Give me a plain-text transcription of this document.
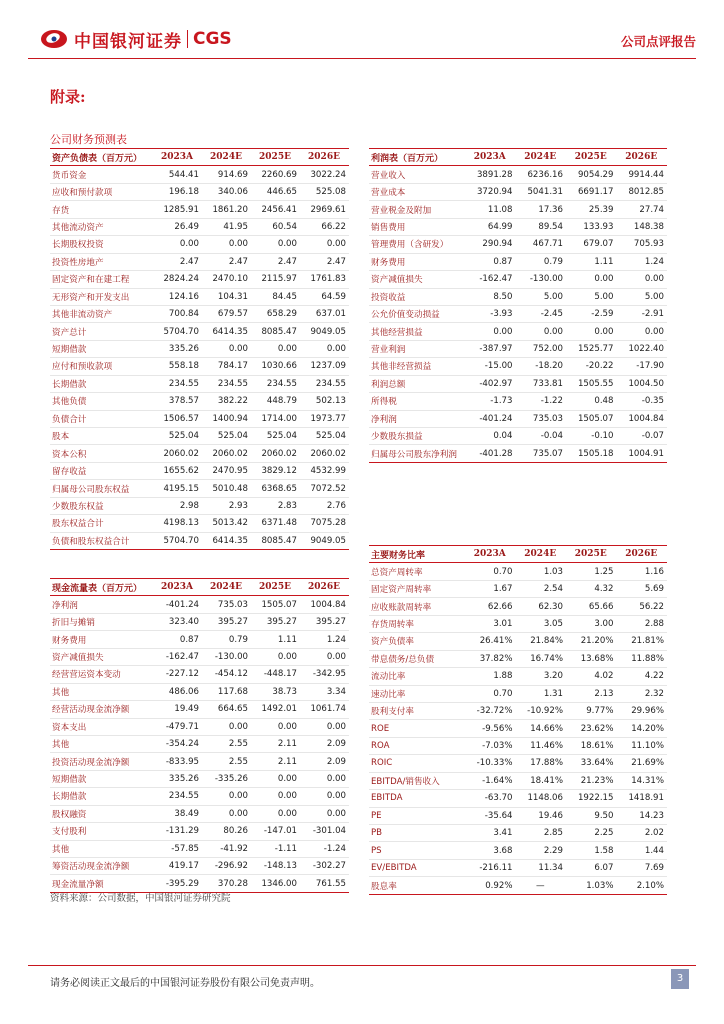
中国银河证券 CGS	公司点评报告
附录:
公司财务预测表
资产负债表（百万元）	2023A	2024E	2025E	2026E
货币资金	544.41	914.69	2260.69	3022.24
应收和预付款项	196.18	340.06	446.65	525.08
存货	1285.91	1861.20	2456.41	2969.61
其他流动资产	26.49	41.95	60.54	66.22
长期股权投资	0.00	0.00	0.00	0.00
投资性房地产	2.47	2.47	2.47	2.47
固定资产和在建工程	2824.24	2470.10	2115.97	1761.83
无形资产和开发支出	124.16	104.31	84.45	64.59
其他非流动资产	700.84	679.57	658.29	637.01
资产总计	5704.70	6414.35	8085.47	9049.05
短期借款	335.26	0.00	0.00	0.00
应付和预收款项	558.18	784.17	1030.66	1237.09
长期借款	234.55	234.55	234.55	234.55
其他负债	378.57	382.22	448.79	502.13
负债合计	1506.57	1400.94	1714.00	1973.77
股本	525.04	525.04	525.04	525.04
资本公积	2060.02	2060.02	2060.02	2060.02
留存收益	1655.62	2470.95	3829.12	4532.99
归属母公司股东权益	4195.15	5010.48	6368.65	7072.52
少数股东权益	2.98	2.93	2.83	2.76
股东权益合计	4198.13	5013.42	6371.48	7075.28
负债和股东权益合计	5704.70	6414.35	8085.47	9049.05
利润表（百万元）	2023A	2024E	2025E	2026E
营业收入	3891.28	6236.16	9054.29	9914.44
营业成本	3720.94	5041.31	6691.17	8012.85
营业税金及附加	11.08	17.36	25.39	27.74
销售费用	64.99	89.54	133.93	148.38
管理费用（含研发）	290.94	467.71	679.07	705.93
财务费用	0.87	0.79	1.11	1.24
资产减值损失	-162.47	-130.00	0.00	0.00
投资收益	8.50	5.00	5.00	5.00
公允价值变动损益	-3.93	-2.45	-2.59	-2.91
其他经营损益	0.00	0.00	0.00	0.00
营业利润	-387.97	752.00	1525.77	1022.40
其他非经营损益	-15.00	-18.20	-20.22	-17.90
利润总额	-402.97	733.81	1505.55	1004.50
所得税	-1.73	-1.22	0.48	-0.35
净利润	-401.24	735.03	1505.07	1004.84
少数股东损益	0.04	-0.04	-0.10	-0.07
归属母公司股东净利润	-401.28	735.07	1505.18	1004.91
现金流量表（百万元）	2023A	2024E	2025E	2026E
净利润	-401.24	735.03	1505.07	1004.84
折旧与摊销	323.40	395.27	395.27	395.27
财务费用	0.87	0.79	1.11	1.24
资产减值损失	-162.47	-130.00	0.00	0.00
经营营运资本变动	-227.12	-454.12	-448.17	-342.95
其他	486.06	117.68	38.73	3.34
经营活动现金流净额	19.49	664.65	1492.01	1061.74
资本支出	-479.71	0.00	0.00	0.00
其他	-354.24	2.55	2.11	2.09
投资活动现金流净额	-833.95	2.55	2.11	2.09
短期借款	335.26	-335.26	0.00	0.00
长期借款	234.55	0.00	0.00	0.00
股权融资	38.49	0.00	0.00	0.00
支付股利	-131.29	80.26	-147.01	-301.04
其他	-57.85	-41.92	-1.11	-1.24
筹资活动现金流净额	419.17	-296.92	-148.13	-302.27
现金流量净额	-395.29	370.28	1346.00	761.55
主要财务比率	2023A	2024E	2025E	2026E
总资产周转率	0.70	1.03	1.25	1.16
固定资产周转率	1.67	2.54	4.32	5.69
应收账款周转率	62.66	62.30	65.66	56.22
存货周转率	3.01	3.05	3.00	2.88
资产负债率	26.41%	21.84%	21.20%	21.81%
带息债务/总负债	37.82%	16.74%	13.68%	11.88%
流动比率	1.88	3.20	4.02	4.22
速动比率	0.70	1.31	2.13	2.32
股利支付率	-32.72%	-10.92%	9.77%	29.96%
ROE	-9.56%	14.66%	23.62%	14.20%
ROA	-7.03%	11.46%	18.61%	11.10%
ROIC	-10.33%	17.88%	33.64%	21.69%
EBITDA/销售收入	-1.64%	18.41%	21.23%	14.31%
EBITDA	-63.70	1148.06	1922.15	1418.91
PE	-35.64	19.46	9.50	14.23
PB	3.41	2.85	2.25	2.02
PS	3.68	2.29	1.58	1.44
EV/EBITDA	-216.11	11.34	6.07	7.69
股息率	0.92%	—	1.03%	2.10%
资料来源：公司数据，中国银河证券研究院
请务必阅读正文最后的中国银河证券股份有限公司免责声明。	3
